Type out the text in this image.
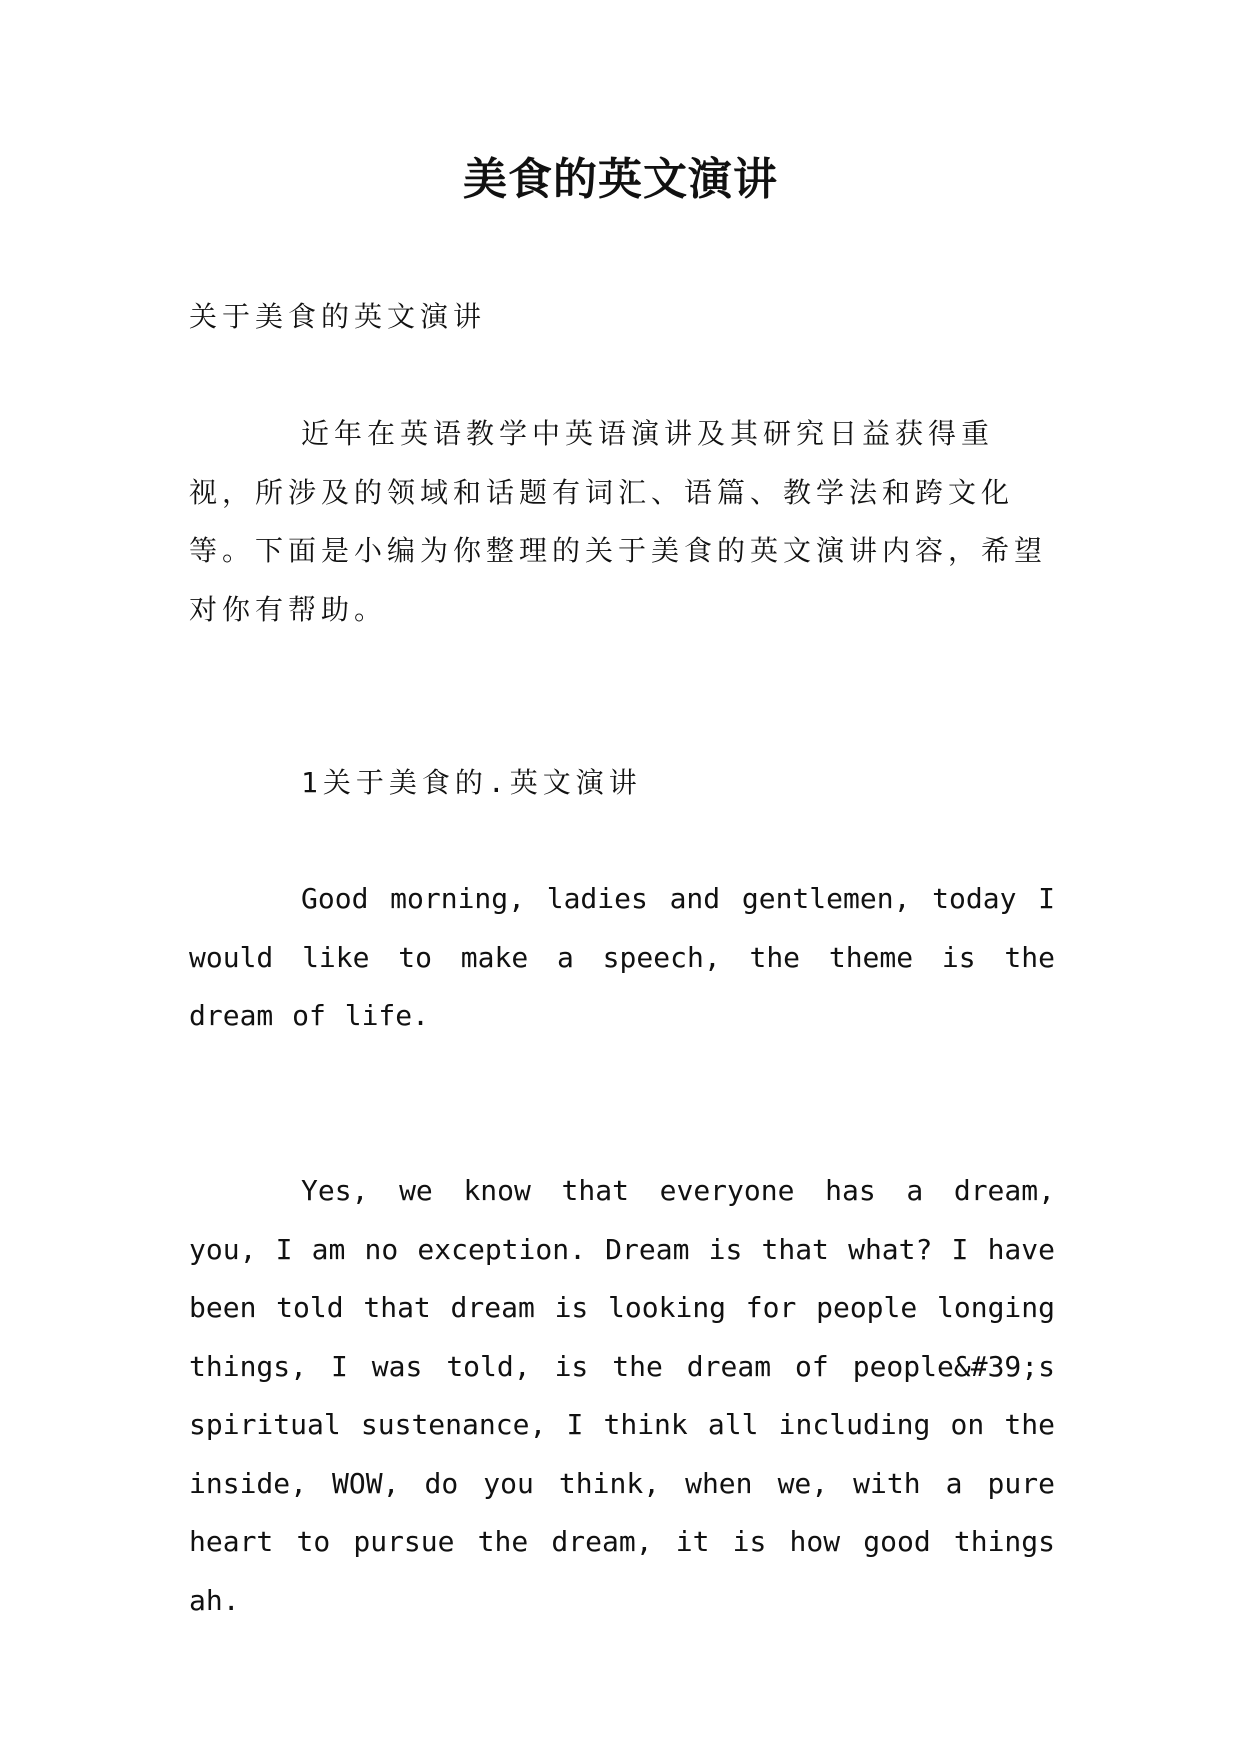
美食的英文演讲

关于美食的英文演讲

近年在英语教学中英语演讲及其研究日益获得重视，所涉及的领域和话题有词汇、语篇、教学法和跨文化等。下面是小编为你整理的关于美食的英文演讲内容，希望对你有帮助。

1关于美食的.英文演讲

Good morning, ladies and gentlemen, today I would like to make a speech, the theme is the dream of life.

Yes, we know that everyone has a dream, you, I am no exception. Dream is that what? I have been told that dream is looking for people longing things, I was told, is the dream of people&#39;s spiritual sustenance, I think all including on the inside, WOW, do you think, when we, with a pure heart to pursue the dream, it is how good things ah.
